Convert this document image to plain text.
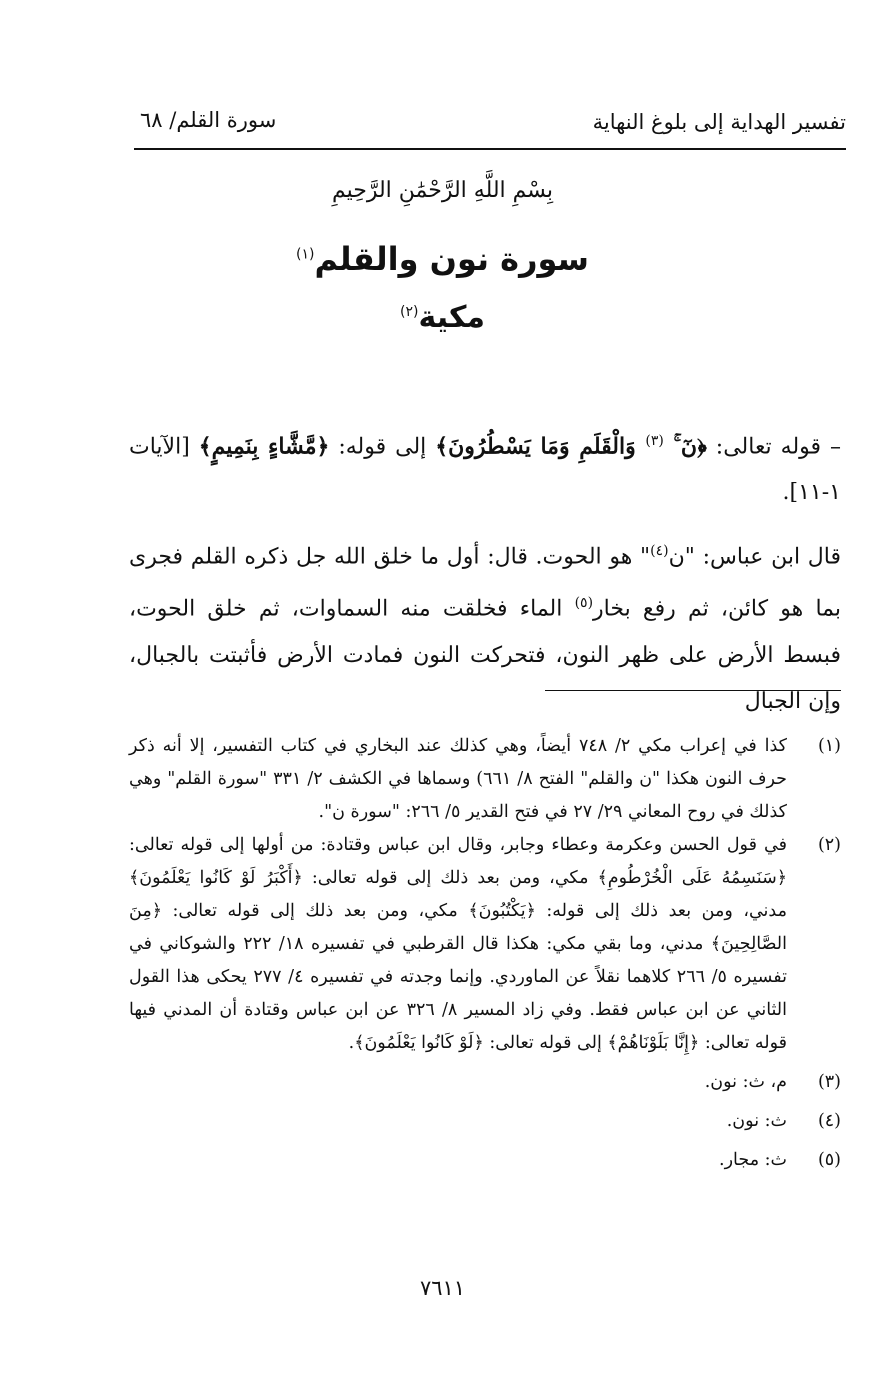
تفسير الهداية إلى بلوغ النهاية
سورة القلم/ ٦٨
بِسْمِ اللَّهِ الرَّحْمَٰنِ الرَّحِيمِ
سورة نون والقلم$^{(١)}$
مكية$^{(٢)}$
– قوله تعالى: ﴿نٓ ۚ $^{(٣)}$ وَالْقَلَمِ وَمَا يَسْطُرُونَ﴾ إلى قوله: ﴿مَّشَّاءٍ بِنَمِيمٍ﴾ [الآيات ١-١١].
قال ابن عباس: "ن$^{(٤)}$" هو الحوت. قال: أول ما خلق الله جل ذكره القلم فجرى بما هو كائن، ثم رفع بخار$^{(٥)}$ الماء فخلقت منه السماوات، ثم خلق الحوت، فبسط الأرض على ظهر النون، فتحركت النون فمادت الأرض فأثبتت بالجبال، وإن الجبال
(١)
كذا في إعراب مكي ٢/ ٧٤٨ أيضاً، وهي كذلك عند البخاري في كتاب التفسير، إلا أنه ذكر حرف النون هكذا "ن والقلم" الفتح ٨/ ٦٦١) وسماها في الكشف ٢/ ٣٣١ "سورة القلم" وهي كذلك في روح المعاني ٢٩/ ٢٧ في فتح القدير ٥/ ٢٦٦: "سورة ن".
(٢)
في قول الحسن وعكرمة وعطاء وجابر، وقال ابن عباس وقتادة: من أولها إلى قوله تعالى: ﴿سَنَسِمُهُ عَلَى الْخُرْطُومِ﴾ مكي، ومن بعد ذلك إلى قوله تعالى: ﴿أَكْبَرُ لَوْ كَانُوا يَعْلَمُونَ﴾ مدني، ومن بعد ذلك إلى قوله: ﴿يَكْتُبُونَ﴾ مكي، ومن بعد ذلك إلى قوله تعالى: ﴿مِنَ الصَّالِحِينَ﴾ مدني، وما بقي مكي: هكذا قال القرطبي في تفسيره ١٨/ ٢٢٢ والشوكاني في تفسيره ٥/ ٢٦٦ كلاهما نقلاً عن الماوردي. وإنما وجدته في تفسيره ٤/ ٢٧٧ يحكى هذا القول الثاني عن ابن عباس فقط. وفي زاد المسير ٨/ ٣٢٦ عن ابن عباس وقتادة أن المدني فيها قوله تعالى: ﴿إِنَّا بَلَوْنَاهُمْ﴾ إلى قوله تعالى: ﴿لَوْ كَانُوا يَعْلَمُونَ﴾.
(٣)
م، ث: نون.
(٤)
ث: نون.
(٥)
ث: مجار.
٧٦١١
